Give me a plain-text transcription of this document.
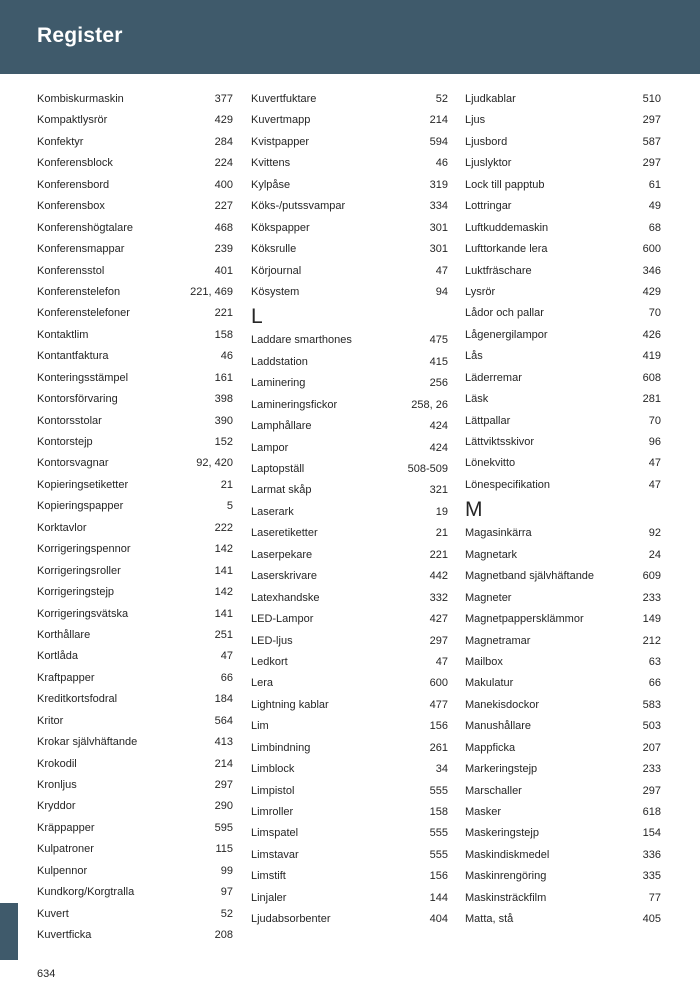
Register
Kombiskurmaskin	377
Kompaktlysrör	429
Konfektyr	284
Konferensblock	224
Konferensbord	400
Konferensbox	227
Konferenshögtalare	468
Konferensmappar	239
Konferensstol	401
Konferenstelefon	221, 469
Konferenstelefoner	221
Kontaktlim	158
Kontantfaktura	46
Konteringsstämpel	161
Kontorsförvaring	398
Kontorsstolar	390
Kontorstejp	152
Kontorsvagnar	92, 420
Kopieringsetiketter	21
Kopieringspapper	5
Korktavlor	222
Korrigeringspennor	142
Korrigeringsroller	141
Korrigeringstejp	142
Korrigeringsvätska	141
Korthållare	251
Kortlåda	47
Kraftpapper	66
Kreditkortsfodral	184
Kritor	564
Krokar självhäftande	413
Krokodil	214
Kronljus	297
Kryddor	290
Kräppapper	595
Kulpatroner	115
Kulpennor	99
Kundkorg/Korgtralla	97
Kuvert	52
Kuvertficka	208
Kuvertfuktare	52
Kuvertmapp	214
Kvistpapper	594
Kvittens	46
Kylpåse	319
Köks-/putssvampar	334
Kökspapper	301
Köksrulle	301
Körjournal	47
Kösystem	94
L
Laddare smarthones	475
Laddstation	415
Laminering	256
Lamineringsfickor	258, 26
Lamphållare	424
Lampor	424
Laptopställ	508-509
Larmat skåp	321
Laserark	19
Laseretiketter	21
Laserpekare	221
Laserskrivare	442
Latexhandske	332
LED-Lampor	427
LED-ljus	297
Ledkort	47
Lera	600
Lightning kablar	477
Lim	156
Limbindning	261
Limblock	34
Limpistol	555
Limroller	158
Limspatel	555
Limstavar	555
Limstift	156
Linjaler	144
Ljudabsorbenter	404
Ljudkablar	510
Ljus	297
Ljusbord	587
Ljuslyktor	297
Lock till papptub	61
Lottringar	49
Luftkuddemaskin	68
Lufttorkande lera	600
Luktfräschare	346
Lysrör	429
Lådor och pallar	70
Lågenergilampor	426
Lås	419
Läderremar	608
Läsk	281
Lättpallar	70
Lättviktsskivor	96
Lönekvitto	47
Lönespecifikation	47
M
Magasinkärra	92
Magnetark	24
Magnetband självhäftande	609
Magneter	233
Magnetpappersklämmor	149
Magnetramar	212
Mailbox	63
Makulatur	66
Manekisdockor	583
Manushållare	503
Mappficka	207
Markeringstejp	233
Marschaller	297
Masker	618
Maskeringstejp	154
Maskindiskmedel	336
Maskinrengöring	335
Maskinsträckfilm	77
Matta, stå	405
634
